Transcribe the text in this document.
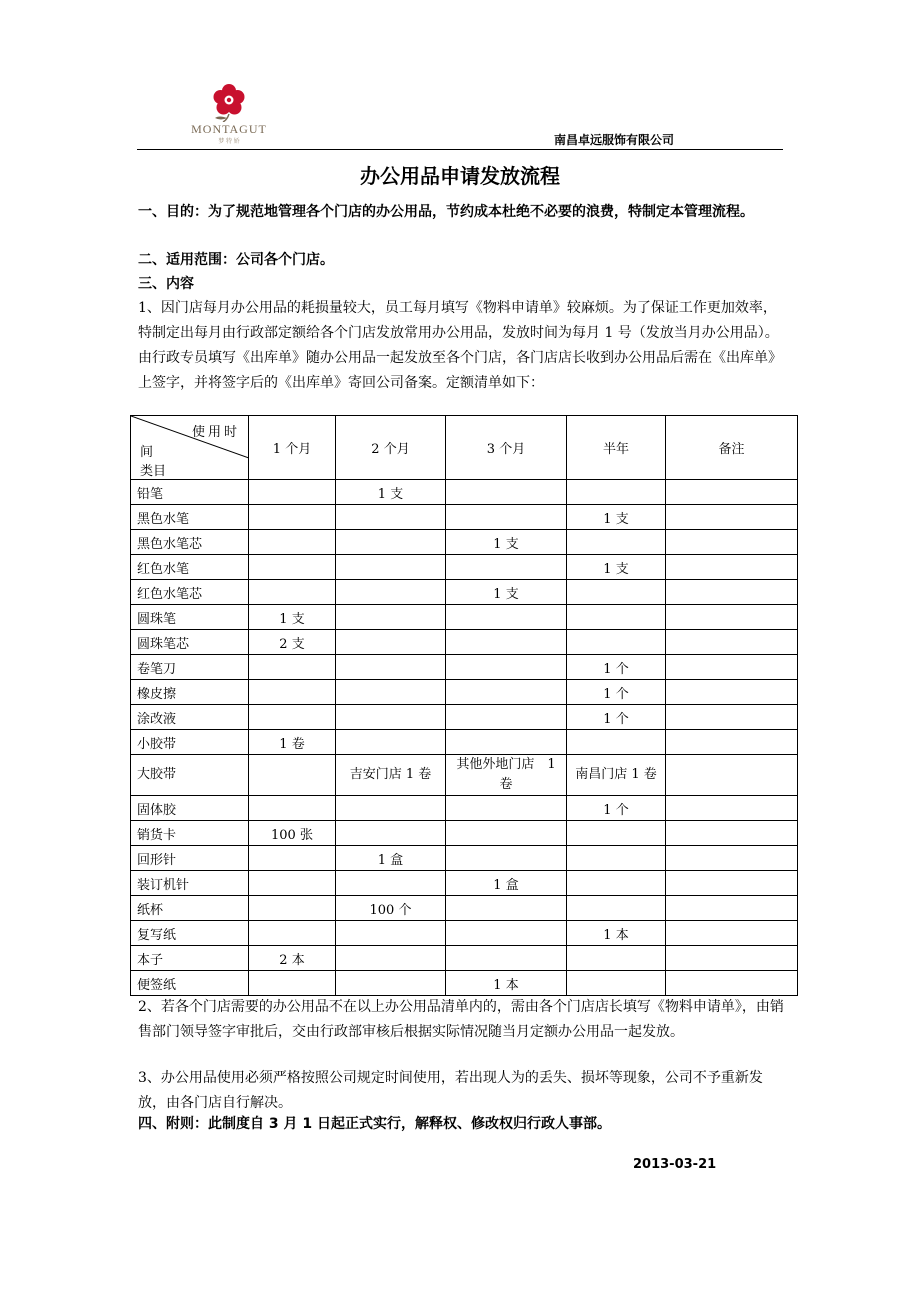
MONTAGUT
梦 特 娇	南昌卓远服饰有限公司
办公用品申请发放流程
一、目的：为了规范地管理各个门店的办公用品，节约成本杜绝不必要的浪费，特制定本管理流程。
二、适用范围：公司各个门店。
三、内容
1、因门店每月办公用品的耗损量较大，员工每月填写《物料申请单》较麻烦。为了保证工作更加效率，特制定出每月由行政部定额给各个门店发放常用办公用品，发放时间为每月 1 号（发放当月办公用品）。由行政专员填写《出库单》随办公用品一起发放至各个门店，各门店店长收到办公用品后需在《出库单》上签字，并将签字后的《出库单》寄回公司备案。定额清单如下：
使用时
间
类目	1 个月	2 个月	3 个月	半年	备注
铅笔		1 支			
黑色水笔				1 支	
黑色水笔芯			1 支		
红色水笔				1 支	
红色水笔芯			1 支		
圆珠笔	1 支				
圆珠笔芯	2 支				
卷笔刀				1 个	
橡皮擦				1 个	
涂改液				1 个	
小胶带	1 卷				
大胶带		吉安门店 1 卷	其他外地门店　1 卷	南昌门店 1 卷	
固体胶				1 个	
销货卡	100 张				
回形针		1 盒			
装订机针			1 盒		
纸杯		100 个			
复写纸				1 本	
本子	2 本				
便签纸			1 本		
2、若各个门店需要的办公用品不在以上办公用品清单内的，需由各个门店店长填写《物料申请单》，由销售部门领导签字审批后，交由行政部审核后根据实际情况随当月定额办公用品一起发放。
3、办公用品使用必须严格按照公司规定时间使用，若出现人为的丢失、损坏等现象，公司不予重新发放，由各门店自行解决。
四、附则：此制度自 3 月 1 日起正式实行，解释权、修改权归行政人事部。
2013-03-21
